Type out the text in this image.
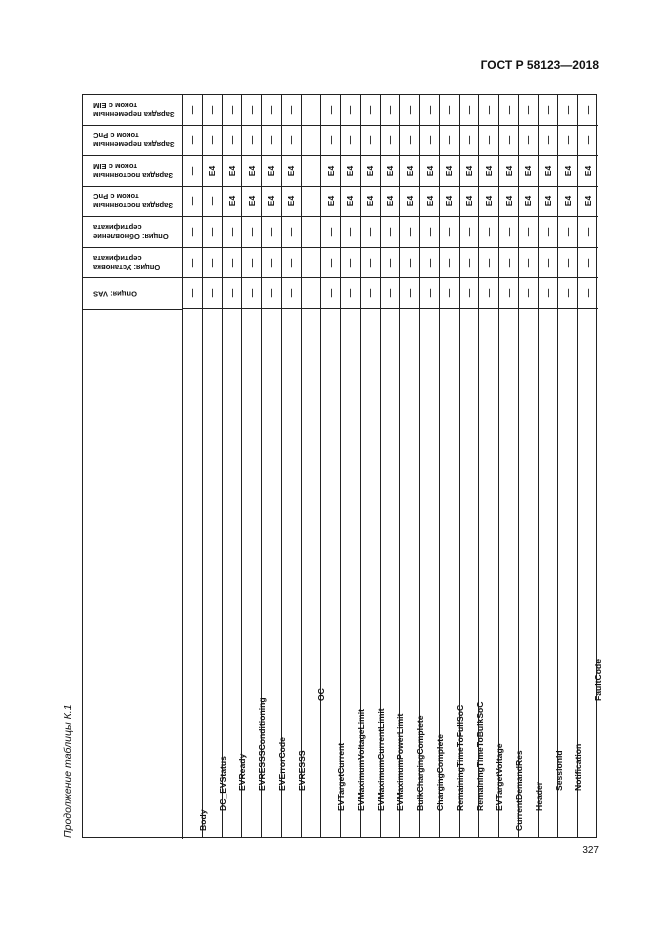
ГОСТ Р 58123—2018
Продолжение таблицы К.1
Зарядка переменным током с EIM
Зарядка переменным током с PnC
Зарядка постоянным током с EIM
Зарядка постоянным током с PnC
Опция: Обновление сертификата
Опция: Установка сертификата
Опция: VAS
—
—
—
—
—
—
—
Body
—
—
E4
—
—
—
—
DC_EVStatus
—
—
E4
E4
—
—
—
EVReady
—
—
E4
E4
—
—
—
EVRESSSConditioning
—
—
E4
E4
—
—
—
EVErrorCode
—
—
E4
E4
—
—
—
EVRESSS
OC
—
—
E4
E4
—
—
—
EVTargetCurrent
—
—
E4
E4
—
—
—
EVMaximumVoltageLimit
—
—
E4
E4
—
—
—
EVMaximumCurrentLimit
—
—
E4
E4
—
—
—
EVMaximumPowerLimit
—
—
E4
E4
—
—
—
BulkChargingComplete
—
—
E4
E4
—
—
—
ChargingComplete
—
—
E4
E4
—
—
—
RemainingTimeToFullSoC
—
—
E4
E4
—
—
—
RemainingTimeToBulkSoC
—
—
E4
E4
—
—
—
EVTargetVoltage
—
—
E4
E4
—
—
—
CurrentDemandRes
—
—
E4
E4
—
—
—
Header
—
—
E4
E4
—
—
—
SessionId
—
—
E4
E4
—
—
—
Notification
—
—
E4
E4
—
—
—
FaultCode
327
